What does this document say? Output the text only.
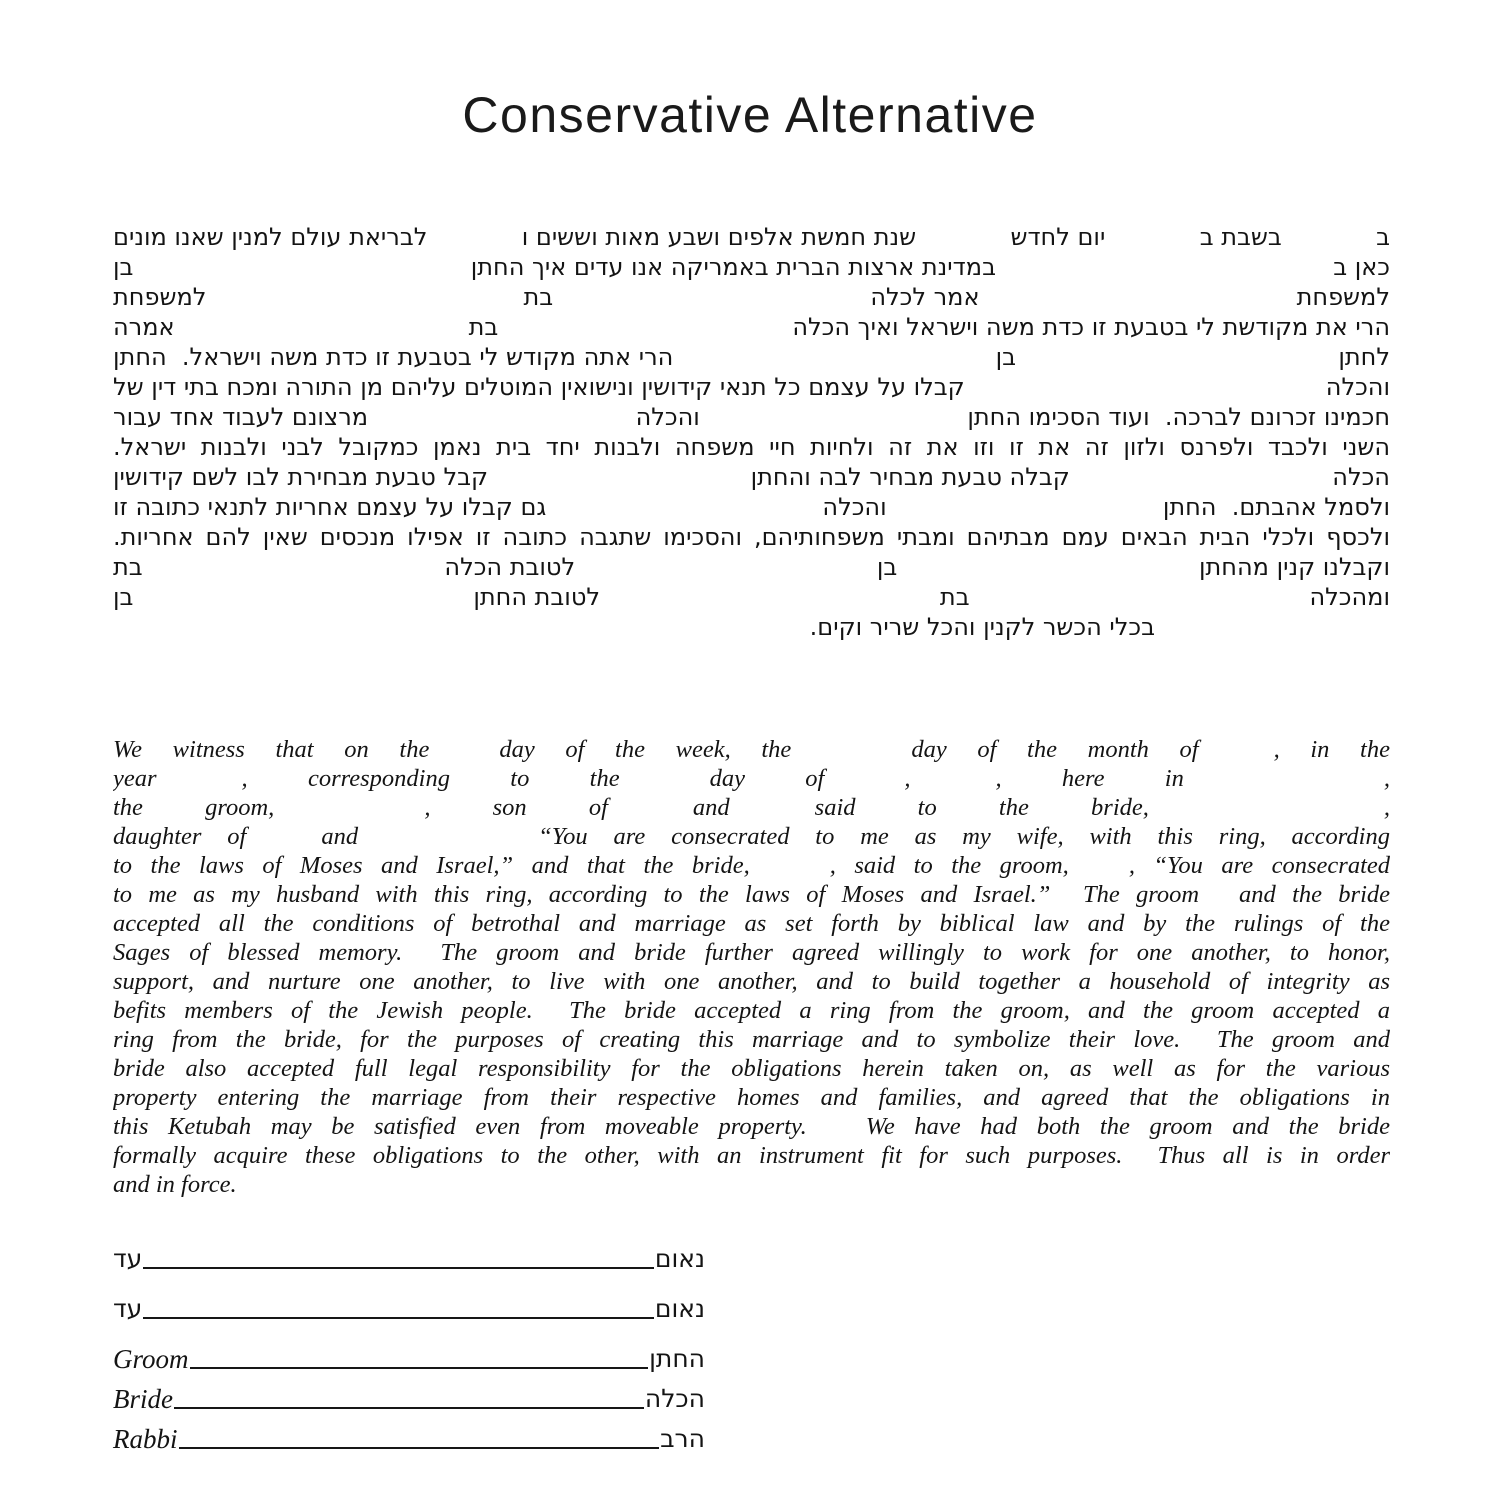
Conservative Alternative
ב
בשבת ב
יום לחדש
שנת חמשת אלפים ושבע מאות וששים ו
לבריאת עולם למנין שאנו מונים
כאן ב
במדינת ארצות הברית באמריקה אנו עדים איך החתן
בן
למשפחת
אמר לכלה
בת
למשפחת
הרי את מקודשת לי בטבעת זו כדת משה וישראל ואיך הכלה
בת
אמרה
לחתן
בן
הרי אתה מקודש לי בטבעת זו כדת משה וישראל.  החתן
והכלה
קבלו על עצמם כל תנאי קידושין ונישואין המוטלים עליהם מן התורה ומכח בתי דין של
חכמינו זכרונם לברכה.  ועוד הסכימו החתן
והכלה
מרצונם לעבוד אחד עבור
השני ולכבד ולפרנס ולזון זה את זו וזו את זה ולחיות חיי משפחה ולבנות יחד בית נאמן כמקובל לבני ולבנות ישראל.
הכלה
קבלה טבעת מבחיר לבה והחתן
קבל טבעת מבחירת לבו לשם קידושין
ולסמל אהבתם.  החתן
והכלה
גם קבלו על עצמם אחריות לתנאי כתובה זו
ולכסף ולכלי הבית הבאים עמם מבתיהם ומבתי משפחותיהם, והסכימו שתגבה כתובה זו אפילו מנכסים שאין להם אחריות.
וקבלנו קנין מהחתן
בן
לטובת הכלה
בת
ומהכלה
בת
לטובת החתן
בן
בכלי הכשר לקנין והכל שריר וקים.
We witness that on the	day of the week, the	day of the month of	, in the
year	, corresponding to the	day of	,	, here in	,
the groom,	, son of	and	said to the bride,	,
daughter of	and	“You are consecrated to me as my wife, with this ring, according
to the laws of Moses and Israel,” and that the bride,	, said to the groom, , “You are consecrated
to me as my husband with this ring, according to the laws of Moses and Israel.”  The groom and the bride
accepted all the conditions of betrothal and marriage as set forth by biblical law and by the rulings of the
Sages of blessed memory.  The groom and bride further agreed willingly to work for one another, to honor,
support, and nurture one another, to live with one another, and to build together a household of integrity as
befits members of the Jewish people.  The bride accepted a ring from the groom, and the groom accepted a
ring from the bride, for the purposes of creating this marriage and to symbolize their love.  The groom and
bride also accepted full legal responsibility for the obligations herein taken on, as well as for the various
property entering the marriage from their respective homes and families, and agreed that the obligations in
this Ketubah may be satisfied even from moveable property.   We have had both the groom and the bride
formally acquire these obligations to the other, with an instrument fit for such purposes.  Thus all is in order
and in force.
עד	נאום
עד	נאום
Groom	החתן
Bride	הכלה
Rabbi	הרב
